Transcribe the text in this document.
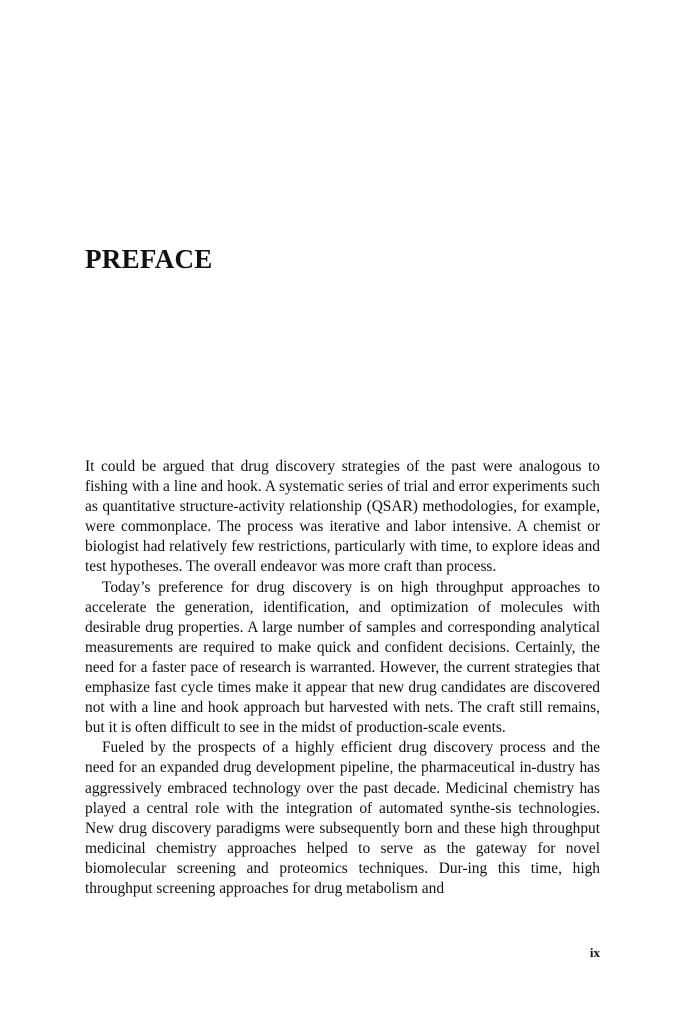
PREFACE

It could be argued that drug discovery strategies of the past were analogous to fishing with a line and hook. A systematic series of trial and error experiments such as quantitative structure-activity relationship (QSAR) methodologies, for example, were commonplace. The process was iterative and labor intensive. A chemist or biologist had relatively few restrictions, particularly with time, to explore ideas and test hypotheses. The overall endeavor was more craft than process.

Today’s preference for drug discovery is on high throughput approaches to accelerate the generation, identification, and optimization of molecules with desirable drug properties. A large number of samples and corresponding analytical measurements are required to make quick and confident decisions. Certainly, the need for a faster pace of research is warranted. However, the current strategies that emphasize fast cycle times make it appear that new drug candidates are discovered not with a line and hook approach but harvested with nets. The craft still remains, but it is often difficult to see in the midst of production-scale events.

Fueled by the prospects of a highly efficient drug discovery process and the need for an expanded drug development pipeline, the pharmaceutical in-dustry has aggressively embraced technology over the past decade. Medicinal chemistry has played a central role with the integration of automated synthe-sis technologies. New drug discovery paradigms were subsequently born and these high throughput medicinal chemistry approaches helped to serve as the gateway for novel biomolecular screening and proteomics techniques. Dur-ing this time, high throughput screening approaches for drug metabolism and

ix
